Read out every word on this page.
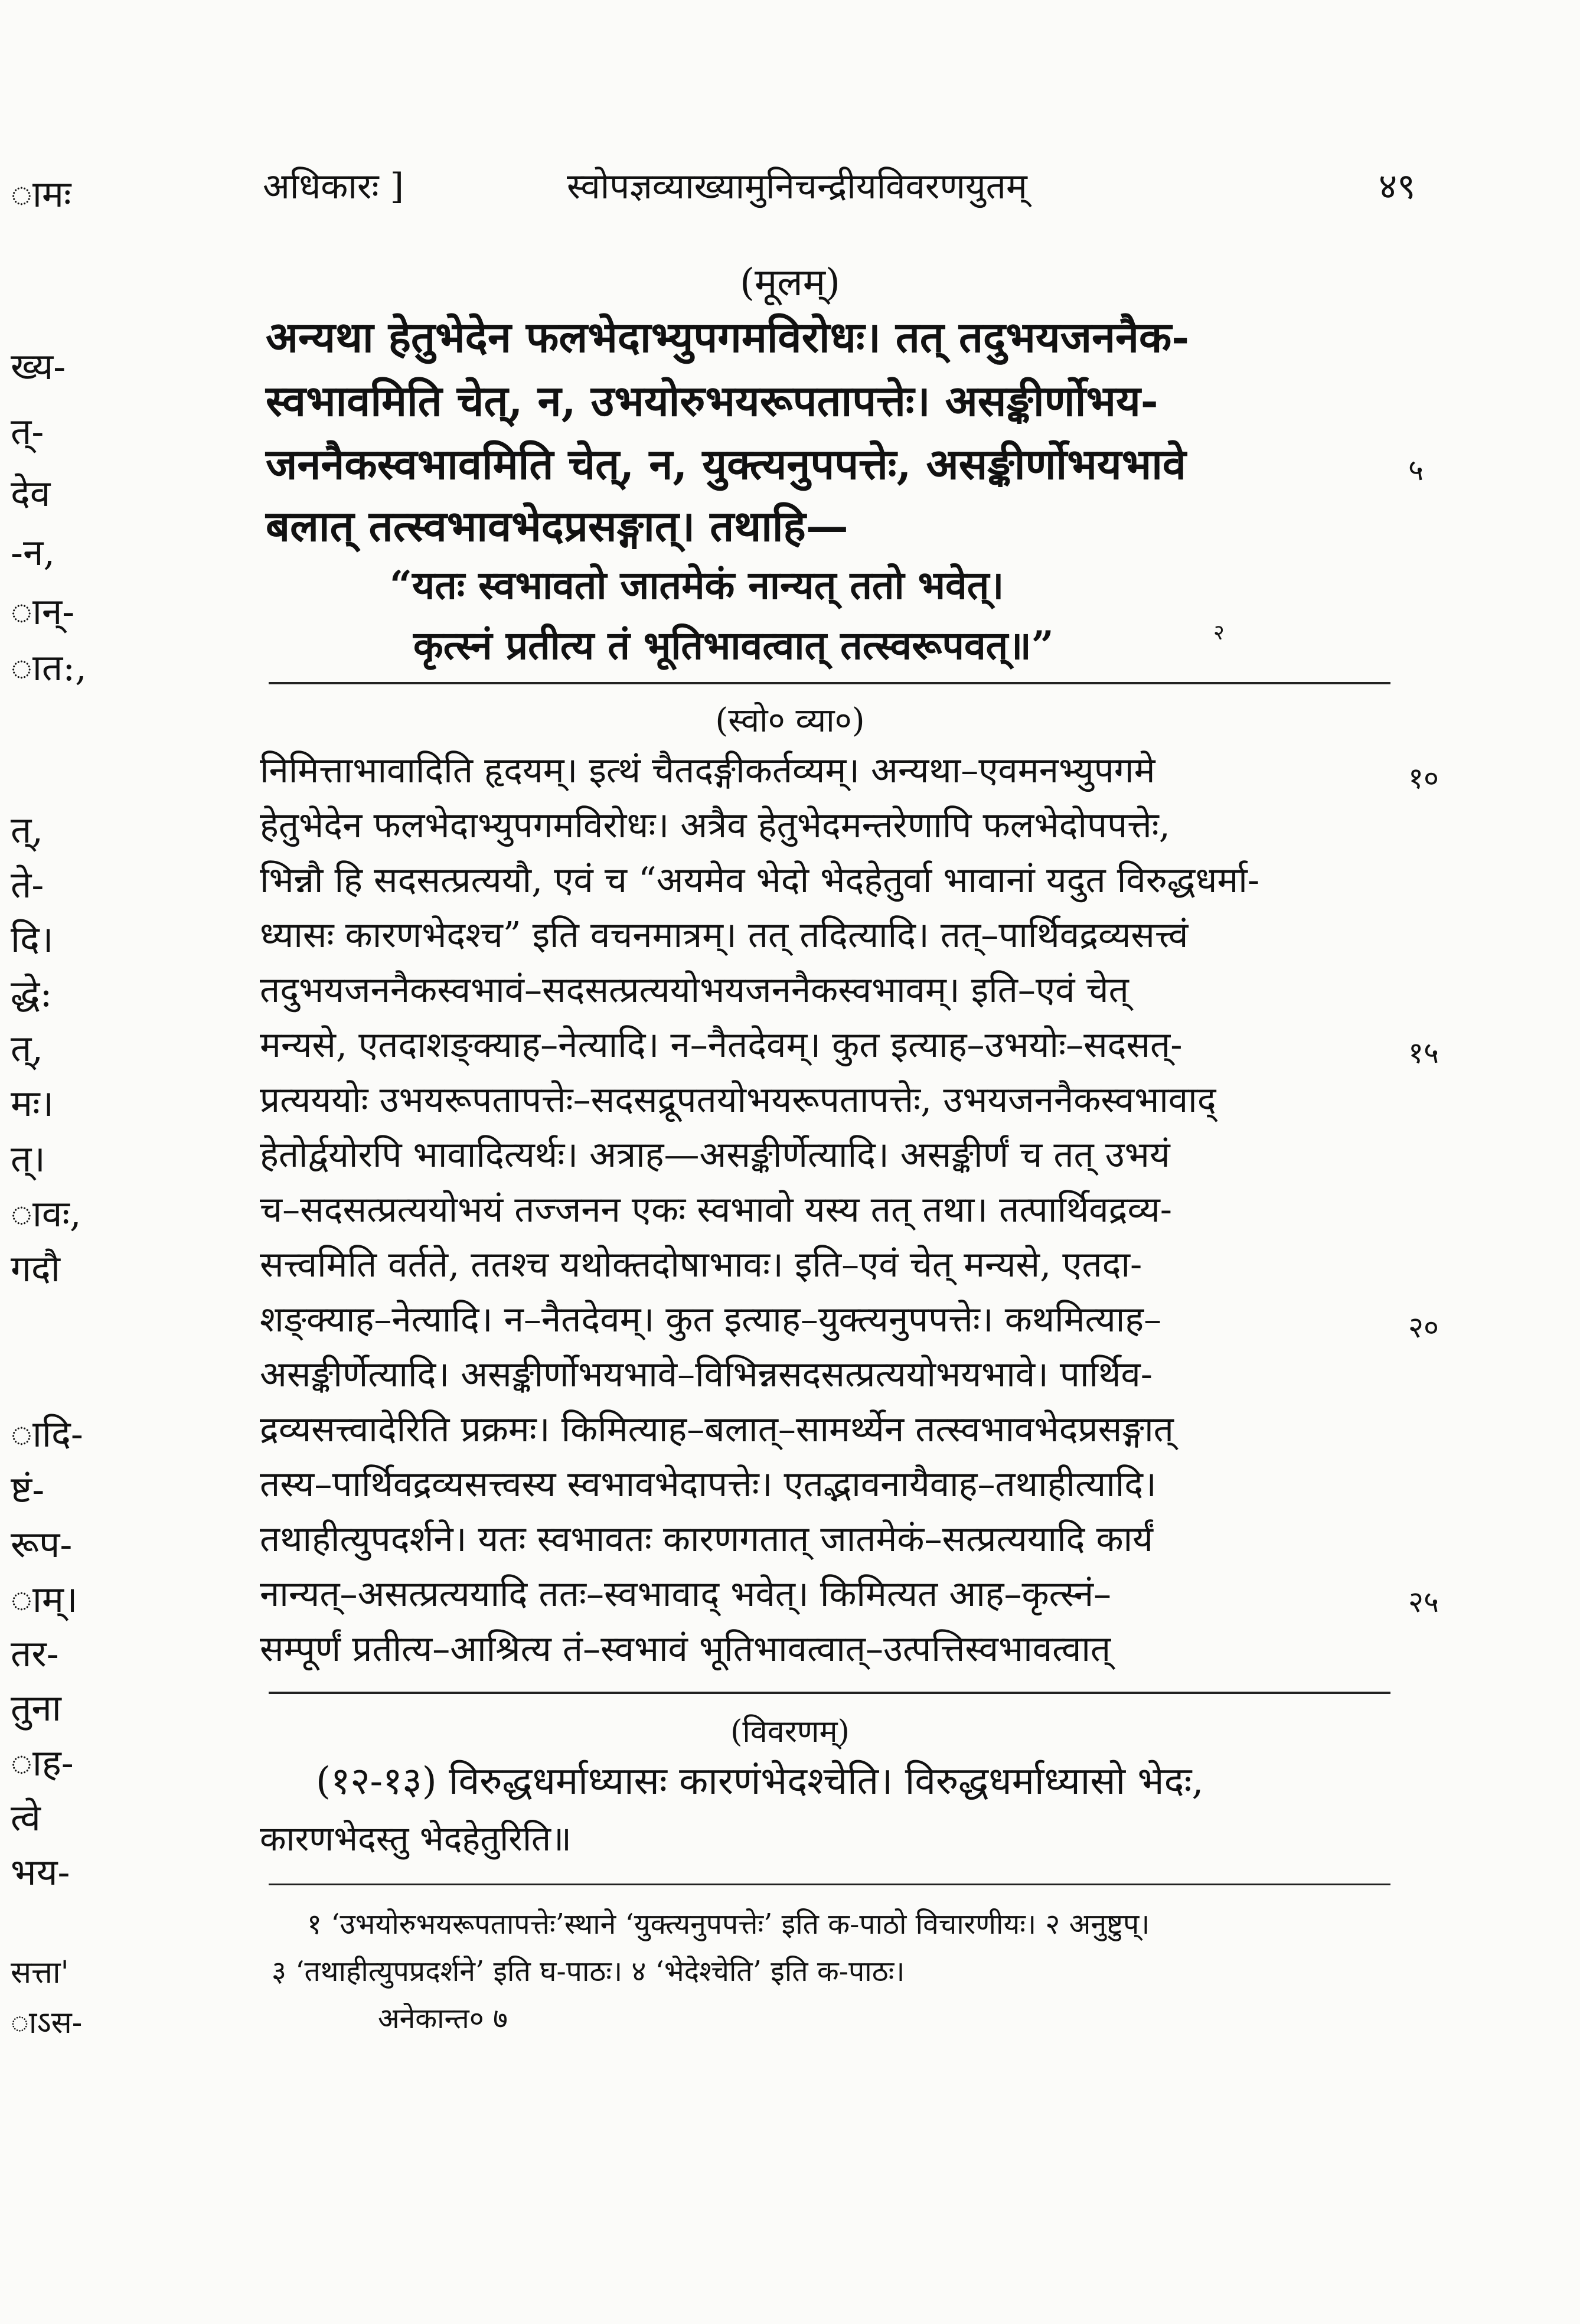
ामः
ख्य-
त्-
देव
-न,
ान्-
ात:,
त्,
ते-
दि।
द्धे:
त्,
मः।
त्।
ावः,
गदौ
ादि-
ष्टं-
रूप-
ाम्।
तर-
तुना
ाह-
त्वे
भय-
सत्ता'
ाऽस-
अधिकारः ]	स्वोपज्ञव्याख्यामुनिचन्द्रीयविवरणयुतम्	४९
(मूलम्)
अन्यथा हेतुभेदेन फलभेदाभ्युपगमविरोधः। तत् तदुभयजननैक-
स्वभावमिति चेत्, न, उभयोरुभयरूपतापत्तेः। असङ्कीर्णोभय-
जननैकस्वभावमिति चेत्, न, युक्त्यनुपपत्तेः, असङ्कीर्णोभयभावे	५
बलात् तत्स्वभावभेदप्रसङ्गात्। तथाहि—
“यतः स्वभावतो जातमेकं नान्यत् ततो भवेत्।
कृत्स्नं प्रतीत्य तं भूतिभावत्वात् तत्स्वरूपवत्॥”	२
(स्वो० व्या०)
निमित्ताभावादिति हृदयम्। इत्थं चैतदङ्गीकर्तव्यम्। अन्यथा–एवमनभ्युपगमे	१०
हेतुभेदेन फलभेदाभ्युपगमविरोधः। अत्रैव हेतुभेदमन्तरेणापि फलभेदोपपत्तेः,
भिन्नौ हि सदसत्प्रत्ययौ, एवं च “अयमेव भेदो भेदहेतुर्वा भावानां यदुत विरुद्धधर्मा-
ध्यासः कारणभेदश्च” इति वचनमात्रम्। तत् तदित्यादि। तत्–पार्थिवद्रव्यसत्त्वं
तदुभयजननैकस्वभावं–सदसत्प्रत्ययोभयजननैकस्वभावम्। इति–एवं चेत्
मन्यसे, एतदाशङ्क्याह–नेत्यादि। न–नैतदेवम्। कुत इत्याह–उभयोः–सदसत्-	१५
प्रत्यययोः उभयरूपतापत्तेः–सदसद्रूपतयोभयरूपतापत्तेः, उभयजननैकस्वभावाद्
हेतोर्द्वयोरपि भावादित्यर्थः। अत्राह—असङ्कीर्णेत्यादि। असङ्कीर्णं च तत् उभयं
च–सदसत्प्रत्ययोभयं तज्जनन एकः स्वभावो यस्य तत् तथा। तत्पार्थिवद्रव्य-
सत्त्वमिति वर्तते, ततश्च यथोक्तदोषाभावः। इति–एवं चेत् मन्यसे, एतदा-
शङ्क्याह–नेत्यादि। न–नैतदेवम्। कुत इत्याह–युक्त्यनुपपत्तेः। कथमित्याह–	२०
असङ्कीर्णेत्यादि। असङ्कीर्णोभयभावे–विभिन्नसदसत्प्रत्ययोभयभावे। पार्थिव-
द्रव्यसत्त्वादेरिति प्रक्रमः। किमित्याह–बलात्–सामर्थ्येन तत्स्वभावभेदप्रसङ्गात्
तस्य–पार्थिवद्रव्यसत्त्वस्य स्वभावभेदापत्तेः। एतद्भावनायैवाह–तथाहीत्यादि।
तथाहीत्युपदर्शने। यतः स्वभावतः कारणगतात् जातमेकं–सत्प्रत्ययादि कार्यं
नान्यत्–असत्प्रत्ययादि ततः–स्वभावाद् भवेत्। किमित्यत आह–कृत्स्नं–	२५
सम्पूर्णं प्रतीत्य–आश्रित्य तं–स्वभावं भूतिभावत्वात्–उत्पत्तिस्वभावत्वात्
(विवरणम्)
(१२-१३) विरुद्धधर्माध्यासः कारणंभेदश्चेति। विरुद्धधर्माध्यासो भेदः,
कारणभेदस्तु भेदहेतुरिति॥
१ ‘उभयोरुभयरूपतापत्तेः’स्थाने ‘युक्त्यनुपपत्तेः’ इति क-पाठो विचारणीयः। २ अनुष्टुप्।
३ ‘तथाहीत्युपप्रदर्शने’ इति घ-पाठः। ४ ‘भेदेश्चेति’ इति क-पाठः।
अनेकान्त० ७
